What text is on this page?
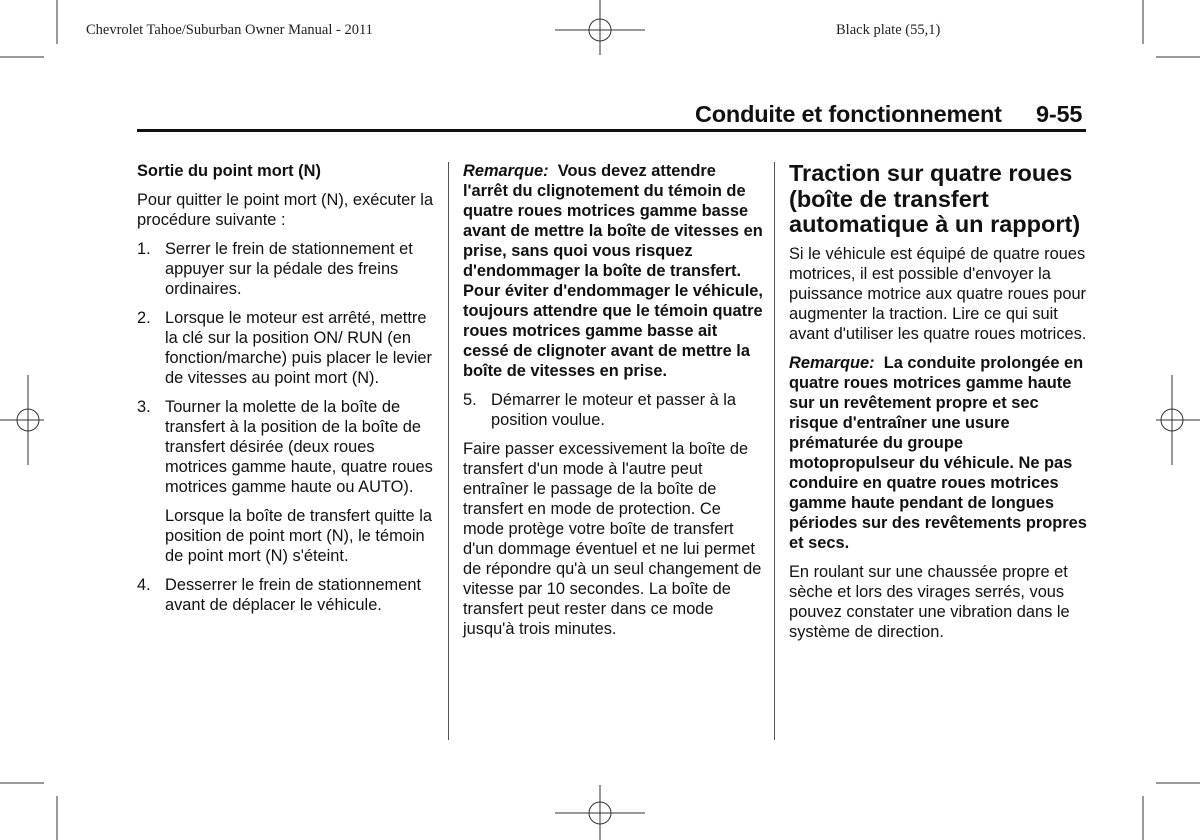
Chevrolet Tahoe/Suburban Owner Manual - 2011	Black plate (55,1)
Conduite et fonctionnement 9-55

Sortie du point mort (N)

Pour quitter le point mort (N), exécuter la procédure suivante :

1. Serrer le frein de stationnement et appuyer sur la pédale des freins ordinaires.
2. Lorsque le moteur est arrêté, mettre la clé sur la position ON/ RUN (en fonction/marche) puis placer le levier de vitesses au point mort (N).
3. Tourner la molette de la boîte de transfert à la position de la boîte de transfert désirée (deux roues motrices gamme haute, quatre roues motrices gamme haute ou AUTO).

Lorsque la boîte de transfert quitte la position de point mort (N), le témoin de point mort (N) s'éteint.

4. Desserrer le frein de stationnement avant de déplacer le véhicule.

Remarque: Vous devez attendre l'arrêt du clignotement du témoin de quatre roues motrices gamme basse avant de mettre la boîte de vitesses en prise, sans quoi vous risquez d'endommager la boîte de transfert. Pour éviter d'endommager le véhicule, toujours attendre que le témoin quatre roues motrices gamme basse ait cessé de clignoter avant de mettre la boîte de vitesses en prise.

5. Démarrer le moteur et passer à la position voulue.

Faire passer excessivement la boîte de transfert d'un mode à l'autre peut entraîner le passage de la boîte de transfert en mode de protection. Ce mode protège votre boîte de transfert d'un dommage éventuel et ne lui permet de répondre qu'à un seul changement de vitesse par 10 secondes. La boîte de transfert peut rester dans ce mode jusqu'à trois minutes.

Traction sur quatre roues (boîte de transfert automatique à un rapport)

Si le véhicule est équipé de quatre roues motrices, il est possible d'envoyer la puissance motrice aux quatre roues pour augmenter la traction. Lire ce qui suit avant d'utiliser les quatre roues motrices.

Remarque: La conduite prolongée en quatre roues motrices gamme haute sur un revêtement propre et sec risque d'entraîner une usure prématurée du groupe motopropulseur du véhicule. Ne pas conduire en quatre roues motrices gamme haute pendant de longues périodes sur des revêtements propres et secs.

En roulant sur une chaussée propre et sèche et lors des virages serrés, vous pouvez constater une vibration dans le système de direction.
